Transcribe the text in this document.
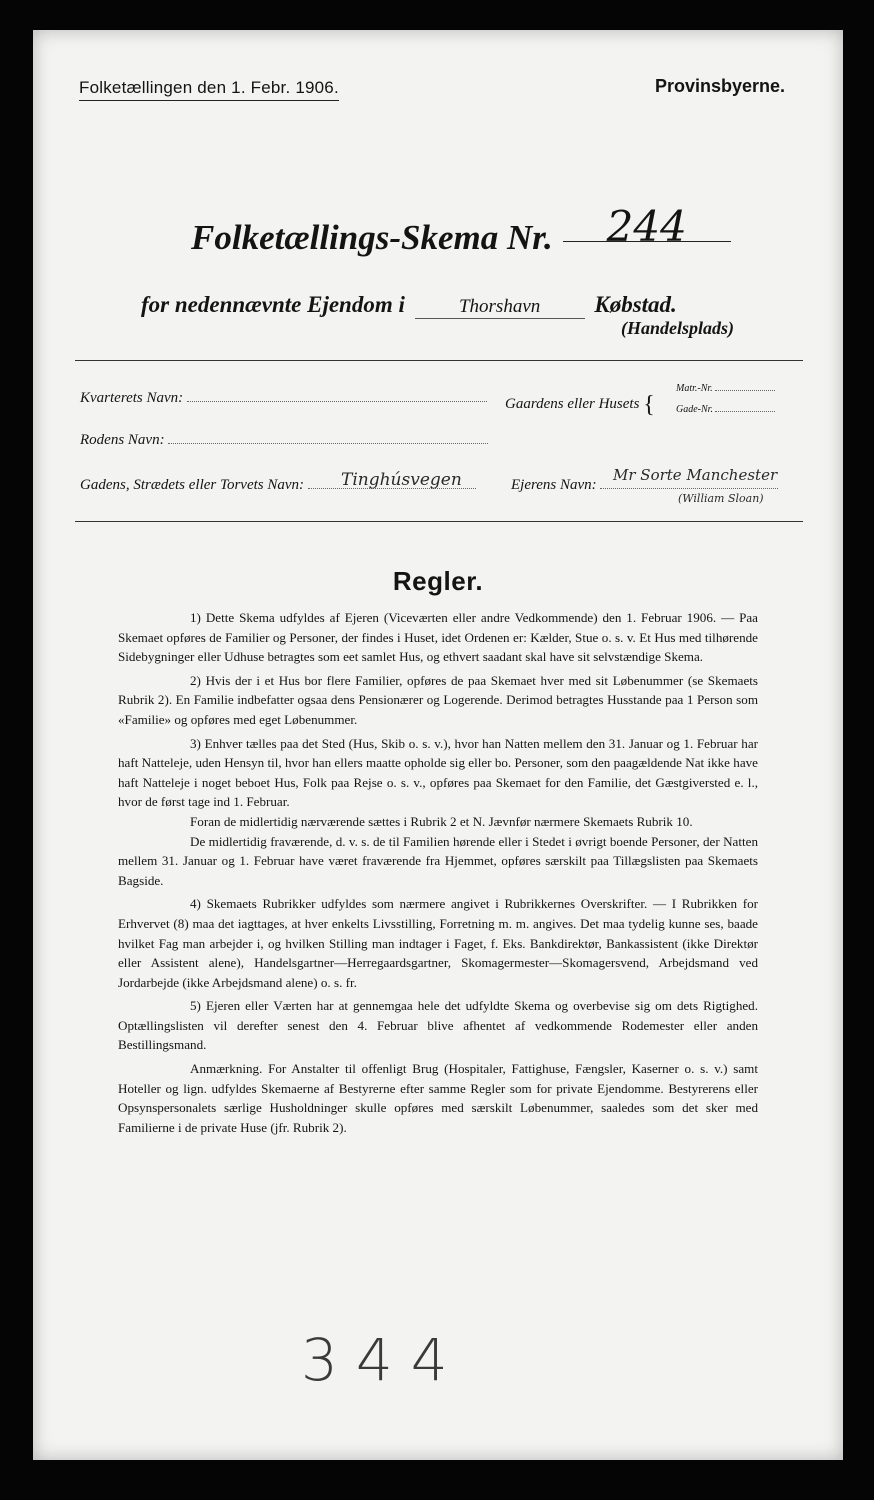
Folketællingen den 1. Febr. 1906.	Provinsbyerne.
Folketællings-Skema Nr. 244
for nedennævnte Ejendom i	Thorshavn Købstad.
(Handelsplads)
Kvarterets Navn:	Gaardens eller Husets {
Matr.-Nr.
Gade-Nr.
Rodens Navn:
Gadens, Strædets eller Torvets Navn:	Tinghúsvegen	Ejerens Navn:
Mr Sorte Manchester
(William Sloan)
Regler.

1) Dette Skema udfyldes af Ejeren (Viceværten eller andre Vedkommende) den 1. Februar 1906. — Paa Skemaet opføres de Familier og Personer, der findes i Huset, idet Ordenen er: Kælder, Stue o. s. v. Et Hus med tilhørende Sidebygninger eller Udhuse betragtes som eet samlet Hus, og ethvert saadant skal have sit selvstændige Skema.

2) Hvis der i et Hus bor flere Familier, opføres de paa Skemaet hver med sit Løbenummer (se Skemaets Rubrik 2). En Familie indbefatter ogsaa dens Pensionærer og Logerende. Derimod betragtes Husstande paa 1 Person som «Familie» og opføres med eget Løbenummer.

3) Enhver tælles paa det Sted (Hus, Skib o. s. v.), hvor han Natten mellem den 31. Januar og 1. Februar har haft Natteleje, uden Hensyn til, hvor han ellers maatte opholde sig eller bo. Personer, som den paagældende Nat ikke have haft Natteleje i noget beboet Hus, Folk paa Rejse o. s. v., opføres paa Skemaet for den Familie, det Gæstgiversted e. l., hvor de først tage ind 1. Februar.

Foran de midlertidig nærværende sættes i Rubrik 2 et N. Jævnfør nærmere Skemaets Rubrik 10.

De midlertidig fraværende, d. v. s. de til Familien hørende eller i Stedet i øvrigt boende Personer, der Natten mellem 31. Januar og 1. Februar have været fraværende fra Hjemmet, opføres særskilt paa Tillægslisten paa Skemaets Bagside.

4) Skemaets Rubrikker udfyldes som nærmere angivet i Rubrikkernes Overskrifter. — I Rubrikken for Erhvervet (8) maa det iagttages, at hver enkelts Livsstilling, Forretning m. m. angives. Det maa tydelig kunne ses, baade hvilket Fag man arbejder i, og hvilken Stilling man indtager i Faget, f. Eks. Bankdirektør, Bankassistent (ikke Direktør eller Assistent alene), Handelsgartner—Herregaardsgartner, Skomagermester—Skomagersvend, Arbejdsmand ved Jordarbejde (ikke Arbejdsmand alene) o. s. fr.

5) Ejeren eller Værten har at gennemgaa hele det udfyldte Skema og overbevise sig om dets Rigtighed. Optællingslisten vil derefter senest den 4. Februar blive afhentet af vedkommende Rodemester eller anden Bestillingsmand.

Anmærkning. For Anstalter til offenligt Brug (Hospitaler, Fattighuse, Fængsler, Kaserner o. s. v.) samt Hoteller og lign. udfyldes Skemaerne af Bestyrerne efter samme Regler som for private Ejendomme. Bestyrerens eller Opsynspersonalets særlige Husholdninger skulle opføres med særskilt Løbenummer, saaledes som det sker med Familierne i de private Huse (jfr. Rubrik 2).

344
